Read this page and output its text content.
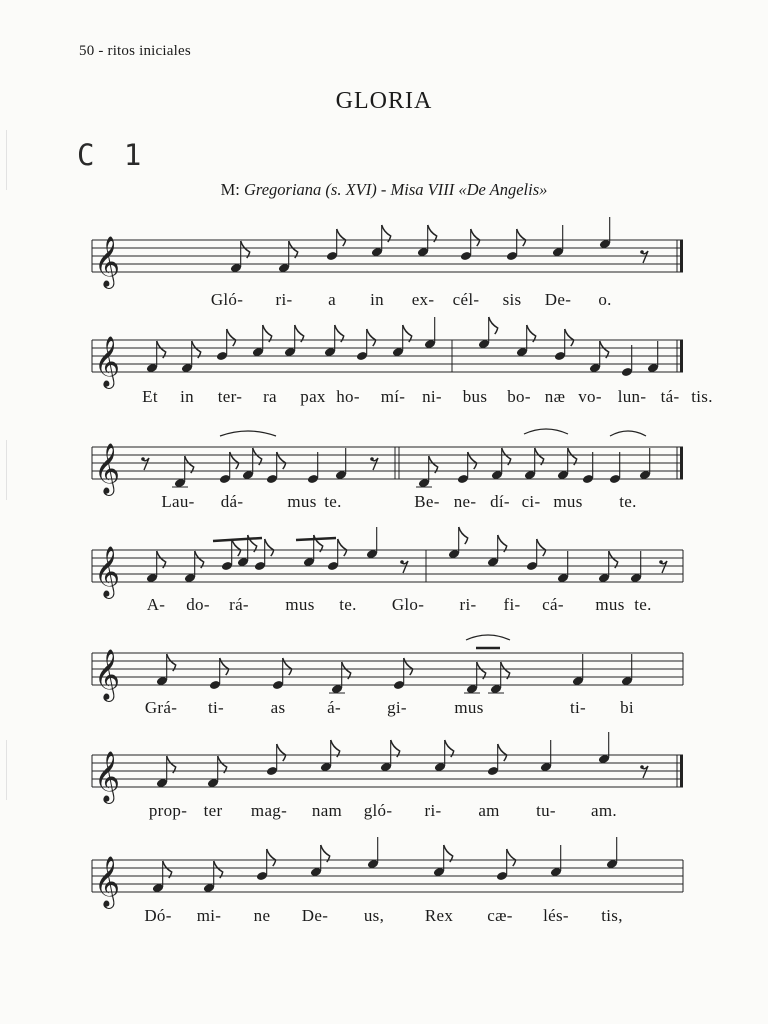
50 - ritos iniciales
GLORIA
C 1
M: Gregoriana (s. XVI) - Misa VIII «De Angelis»
𝄞
𝄞
𝄞
𝄞
𝄞
𝄞
𝄞
Gló- ri- a in ex- cél- sis De- o.
Et in ter- ra pax ho- mí- ni- bus bo- næ vo- lun- tá- tis.
Lau- dá-	mus te.	Be- ne- dí- ci- mus te.
A- do- rá- mus te. Glo- ri- fi- cá- mus te.
Grá- ti-	as á-	gi-	mus	ti- bi
prop- ter mag- nam gló- ri- am tu- am.
Dó- mi- ne De- us, Rex cæ- lés- tis,
